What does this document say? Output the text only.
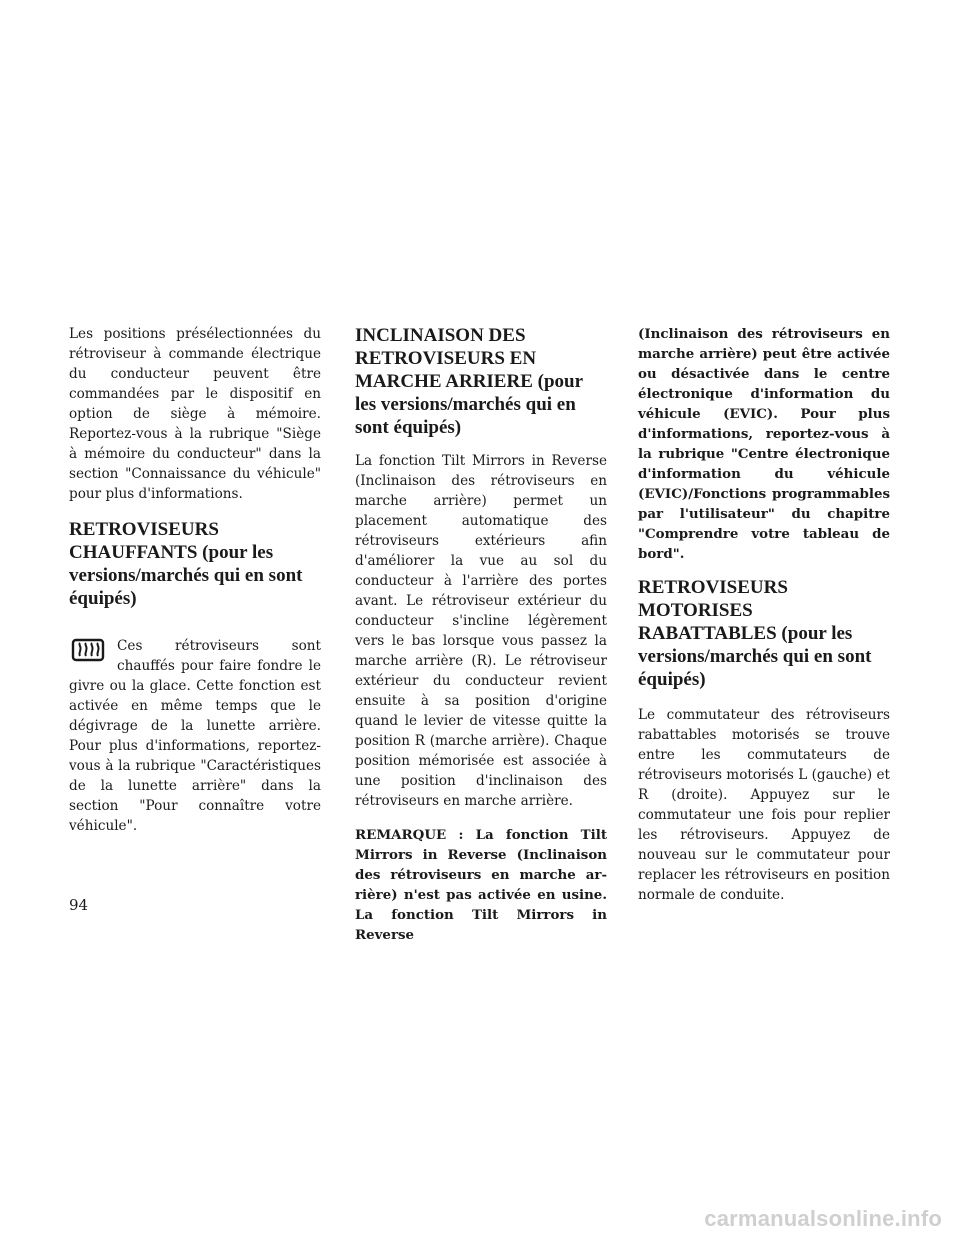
Les positions présélectionnées du rétroviseur à commande électrique du conducteur peuvent être commandées par le dispositif en option de siège à mémoire. Reportez-vous à la rubrique "Siège à mémoire du conducteur" dans la section "Connaissance du véhicule" pour plus d'informations.

RETROVISEURS CHAUFFANTS (pour les versions/marchés qui en sont équipés)

Ces rétroviseurs sont chauffés pour faire fondre le givre ou la glace. Cette fonction est activée en même temps que le dégivrage de la lunette arrière. Pour plus d'informations, reportez-vous à la rubrique "Caractéristiques de la lunette arrière" dans la section "Pour connaître votre véhicule".

INCLINAISON DES RETROVISEURS EN MARCHE ARRIERE (pour les versions/marchés qui en sont équipés)

La fonction Tilt Mirrors in Reverse (Inclinaison des rétroviseurs en marche arrière) permet un placement automatique des rétroviseurs extérieurs afin d'améliorer la vue au sol du conducteur à l'arrière des portes avant. Le rétroviseur extérieur du conducteur s'incline légèrement vers le bas lorsque vous passez la marche arrière (R). Le rétroviseur extérieur du conducteur revient ensuite à sa position d'origine quand le levier de vitesse quitte la position R (marche arrière). Chaque position mémorisée est associée à une position d'inclinaison des rétroviseurs en marche arrière.

REMARQUE : La fonction Tilt Mirrors in Reverse (Inclinaison des rétroviseurs en marche arrière) n'est pas activée en usine. La fonction Tilt Mirrors in Reverse

(Inclinaison des rétroviseurs en marche arrière) peut être activée ou désactivée dans le centre électronique d'information du véhicule (EVIC). Pour plus d'informations, reportez-vous à la rubrique "Centre électronique d'information du véhicule (EVIC)/Fonctions programmables par l'utilisateur" du chapitre "Comprendre votre tableau de bord".

RETROVISEURS MOTORISES RABATTABLES (pour les versions/marchés qui en sont équipés)

Le commutateur des rétroviseurs rabattables motorisés se trouve entre les commutateurs de rétroviseurs motorisés L (gauche) et R (droite). Appuyez sur le commutateur une fois pour replier les rétroviseurs. Appuyez de nouveau sur le commutateur pour replacer les rétroviseurs en position normale de conduite.

94
carmanualsonline.info
